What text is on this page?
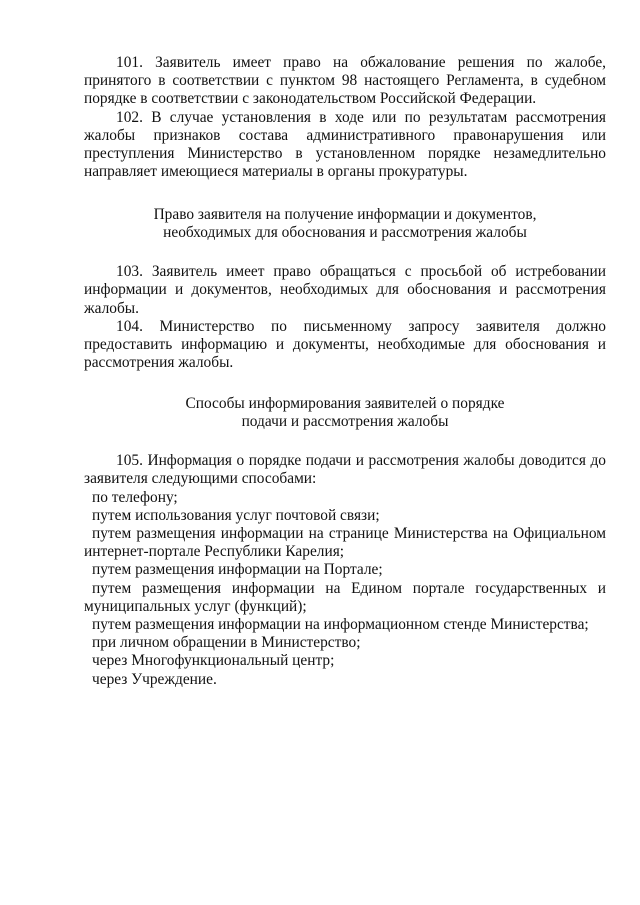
101. Заявитель имеет право на обжалование решения по жалобе, принятого в соответствии с пунктом 98 настоящего Регламента, в судебном порядке в соответствии с законодательством Российской Федерации.

102. В случае установления в ходе или по результатам рассмотрения жалобы признаков состава административного правонарушения или преступления Министерство в установленном порядке незамедлительно направляет имеющиеся материалы в органы прокуратуры.

Право заявителя на получение информации и документов,

необходимых для обоснования и рассмотрения жалобы

103. Заявитель имеет право обращаться с просьбой об истребовании информации и документов, необходимых для обоснования и рассмотрения жалобы.

104. Министерство по письменному запросу заявителя должно предоставить информацию и документы, необходимые для обоснования и рассмотрения жалобы.

Способы информирования заявителей о порядке

подачи и рассмотрения жалобы

105. Информация о порядке подачи и рассмотрения жалобы доводится до заявителя следующими способами:

по телефону;

путем использования услуг почтовой связи;

путем размещения информации на странице Министерства на Официальном интернет-портале Республики Карелия;

путем размещения информации на Портале;

путем размещения информации на Едином портале государственных и муниципальных услуг (функций);

путем размещения информации на информационном стенде Министерства;

при личном обращении в Министерство;

через Многофункциональный центр;

через Учреждение.
